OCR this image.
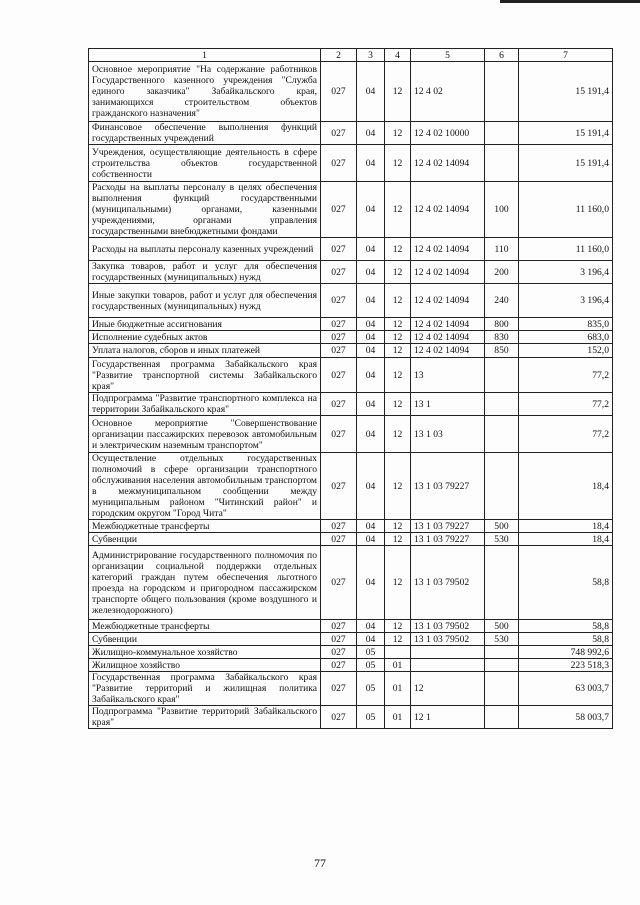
1	2	3	4	5	6	7

Основное мероприятие "На содержание работников Государственного казенного учреждения "Служба единого заказчика" Забайкальского края, занимающихся строительством объектов гражданского назначения"	027	04	12	12 4 02		15 191,4

Финансовое обеспечение выполнения функций государственных учреждений	027	04	12	12 4 02 10000		15 191,4

Учреждения, осуществляющие деятельность в сфере строительства объектов государственной собственности	027	04	12	12 4 02 14094		15 191,4

Расходы на выплаты персоналу в целях обеспечения выполнения функций государственными (муниципальными) органами, казенными учреждениями, органами управления государственными внебюджетными фондами	027	04	12	12 4 02 14094	100	11 160,0

Расходы на выплаты персоналу казенных учреждений	027	04	12	12 4 02 14094	110	11 160,0

Закупка товаров, работ и услуг для обеспечения государственных (муниципальных) нужд	027	04	12	12 4 02 14094	200	3 196,4

Иные закупки товаров, работ и услуг для обеспечения государственных (муниципальных) нужд	027	04	12	12 4 02 14094	240	3 196,4

Иные бюджетные ассигнования	027	04	12	12 4 02 14094	800	835,0

Исполнение судебных актов	027	04	12	12 4 02 14094	830	683,0

Уплата налогов, сборов и иных платежей	027	04	12	12 4 02 14094	850	152,0

Государственная программа Забайкальского края "Развитие транспортной системы Забайкальского края"	027	04	12	13		77,2

Подпрограмма "Развитие транспортного комплекса на территории Забайкальского края"	027	04	12	13 1		77,2

Основное мероприятие "Совершенствование организации пассажирских перевозок автомобильным и электрическим наземным транспортом"	027	04	12	13 1 03		77,2

Осуществление отдельных государственных полномочий в сфере организации транспортного обслуживания населения автомобильным транспортом в межмуниципальном сообщении между муниципальным районом "Читинский район" и городским округом "Город Чита"	027	04	12	13 1 03 79227		18,4

Межбюджетные трансферты	027	04	12	13 1 03 79227	500	18,4

Субвенции	027	04	12	13 1 03 79227	530	18,4

Администрирование государственного полномочия по организации социальной поддержки отдельных категорий граждан путем обеспечения льготного проезда на городском и пригородном пассажирском транспорте общего пользования (кроме воздушного и железнодорожного)	027	04	12	13 1 03 79502		58,8

Межбюджетные трансферты	027	04	12	13 1 03 79502	500	58,8

Субвенции	027	04	12	13 1 03 79502	530	58,8

Жилищно-коммунальное хозяйство	027	05				748 992,6

Жилищное хозяйство	027	05	01			223 518,3

Государственная программа Забайкальского края "Развитие территорий и жилищная политика Забайкальского края"	027	05	01	12		63 003,7

Подпрограмма "Развитие территорий Забайкальского края"	027	05	01	12 1		58 003,7
77
